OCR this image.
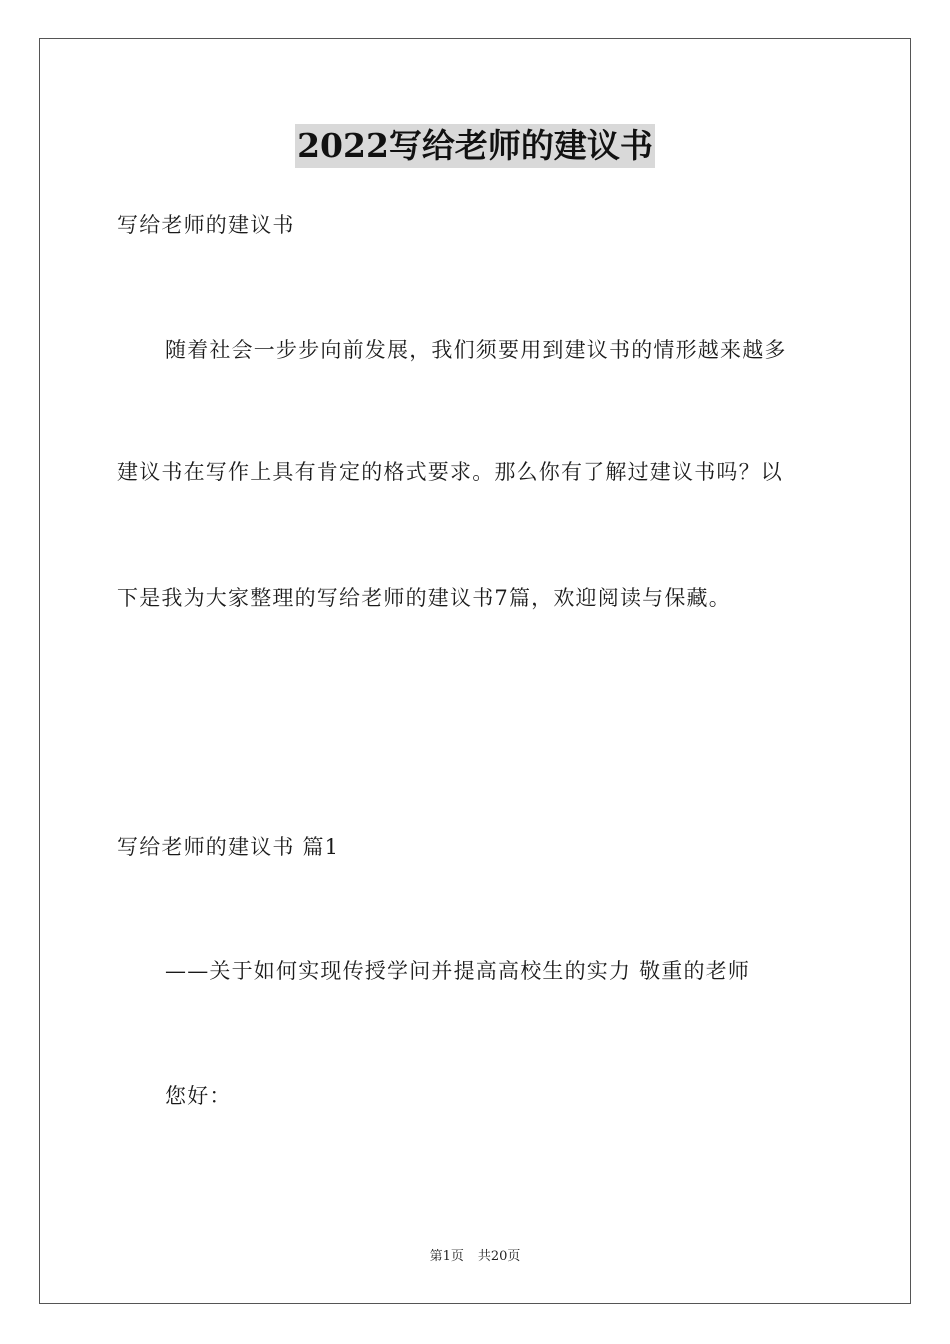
2022写给老师的建议书
写给老师的建议书
随着社会一步步向前发展，我们须要用到建议书的情形越来越多
建议书在写作上具有肯定的格式要求。那么你有了解过建议书吗？以
下是我为大家整理的写给老师的建议书7篇，欢迎阅读与保藏。
写给老师的建议书 篇1
——关于如何实现传授学问并提高高校生的实力 敬重的老师
您好：
第1页 共20页
